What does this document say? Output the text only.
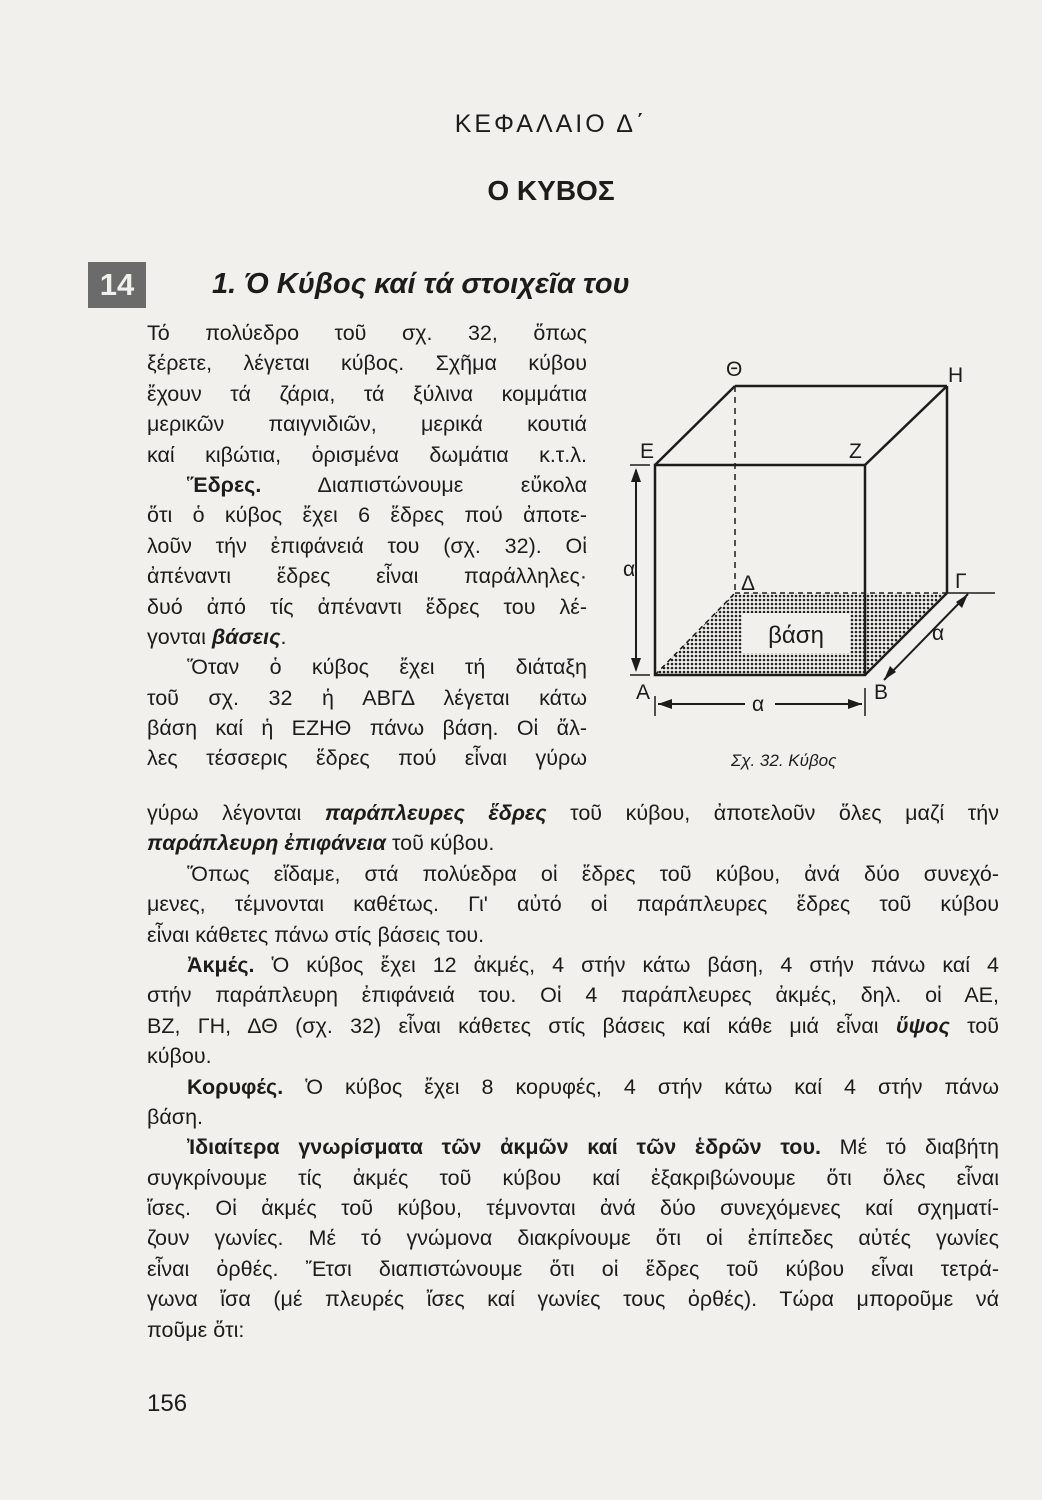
ΚΕΦΑΛΑΙΟ Δ΄
Ο ΚΥΒΟΣ
14	1. Ό Κύβος καί τά στοιχεῖα του
Τό πολύεδρο τοῦ σχ. 32, ὅπως
ξέρετε, λέγεται κύβος. Σχῆμα κύβου
ἔχουν τά ζάρια, τά ξύλινα κομμάτια
μερικῶν παιγνιδιῶν, μερικά κουτιά
καί κιβώτια, ὁρισμένα δωμάτια κ.τ.λ.
Ἕδρες. Διαπιστώνουμε εὔκολα
ὅτι ὁ κύβος ἔχει 6 ἕδρες πού ἀποτε-
λοῦν τήν ἐπιφάνειά του (σχ. 32). Οἱ
ἀπέναντι ἕδρες εἶναι παράλληλες·
δυό ἀπό τίς ἀπέναντι ἕδρες του λέ-
γονται βάσεις.
Ὅταν ὁ κύβος ἔχει τή διάταξη
τοῦ σχ. 32 ἡ ΑΒΓΔ λέγεται κάτω
βάση καί ἡ ΕΖΗΘ πάνω βάση. Οἱ ἄλ-
λες τέσσερις ἕδρες πού εἶναι γύρω
βάση
Θ	Η
Ε	Ζ
Δ	Γ
Α	Β
α
α
α
Σχ. 32. Κύβος
γύρω λέγονται παράπλευρες ἕδρες τοῦ κύβου, ἀποτελοῦν ὅλες μαζί τήν
παράπλευρη ἐπιφάνεια τοῦ κύβου.
Ὅπως εἴδαμε, στά πολύεδρα οἱ ἕδρες τοῦ κύβου, ἀνά δύο συνεχό-
μενες, τέμνονται καθέτως. Γι' αὐτό οἱ παράπλευρες ἕδρες τοῦ κύβου
εἶναι κάθετες πάνω στίς βάσεις του.
Ἀκμές. Ὁ κύβος ἔχει 12 ἀκμές, 4 στήν κάτω βάση, 4 στήν πάνω καί 4
στήν παράπλευρη ἐπιφάνειά του. Οἱ 4 παράπλευρες ἀκμές, δηλ. οἱ ΑΕ,
ΒΖ, ΓΗ, ΔΘ (σχ. 32) εἶναι κάθετες στίς βάσεις καί κάθε μιά εἶναι ὕψος τοῦ
κύβου.
Κορυφές. Ὁ κύβος ἔχει 8 κορυφές, 4 στήν κάτω καί 4 στήν πάνω
βάση.
Ἰδιαίτερα γνωρίσματα τῶν ἀκμῶν καί τῶν ἑδρῶν του. Μέ τό διαβήτη
συγκρίνουμε τίς ἀκμές τοῦ κύβου καί ἐξακριβώνουμε ὅτι ὅλες εἶναι
ἴσες. Οἱ ἀκμές τοῦ κύβου, τέμνονται ἀνά δύο συνεχόμενες καί σχηματί-
ζουν γωνίες. Μέ τό γνώμονα διακρίνουμε ὅτι οἱ ἐπίπεδες αὐτές γωνίες
εἶναι ὀρθές. Ἔτσι διαπιστώνουμε ὅτι οἱ ἕδρες τοῦ κύβου εἶναι τετρά-
γωνα ἴσα (μέ πλευρές ἴσες καί γωνίες τους ὀρθές). Τώρα μποροῦμε νά
ποῦμε ὅτι:
156
